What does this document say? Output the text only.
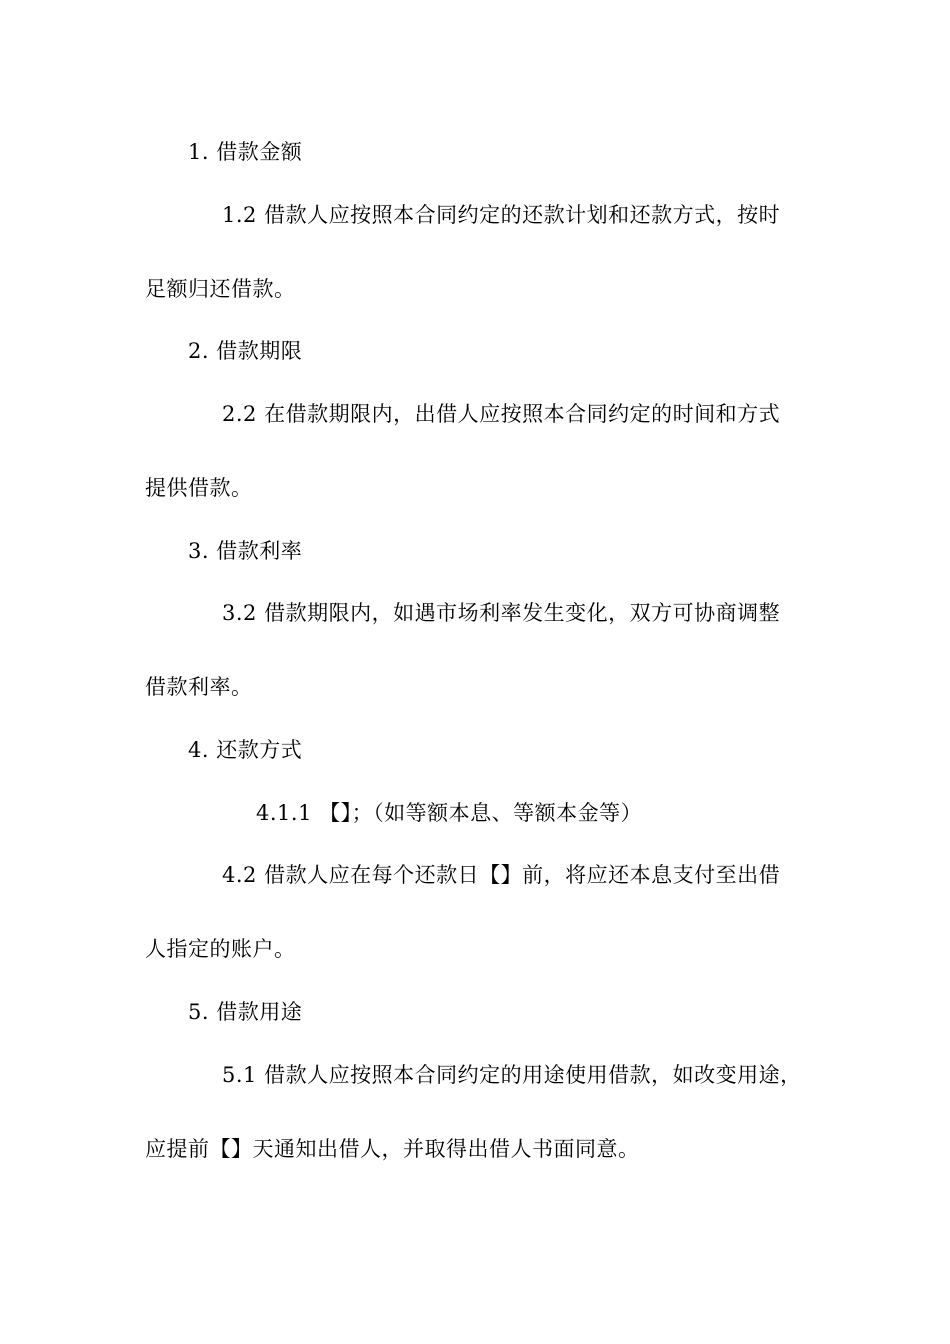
1. 借款金额
1.2 借款人应按照本合同约定的还款计划和还款方式，按时
足额归还借款。
2. 借款期限
2.2 在借款期限内，出借人应按照本合同约定的时间和方式
提供借款。
3. 借款利率
3.2 借款期限内，如遇市场利率发生变化，双方可协商调整
借款利率。
4. 还款方式
4.1.1 【】；（如等额本息、等额本金等）
4.2 借款人应在每个还款日【】前，将应还本息支付至出借
人指定的账户。
5. 借款用途
5.1 借款人应按照本合同约定的用途使用借款，如改变用途，
应提前【】天通知出借人，并取得出借人书面同意。
